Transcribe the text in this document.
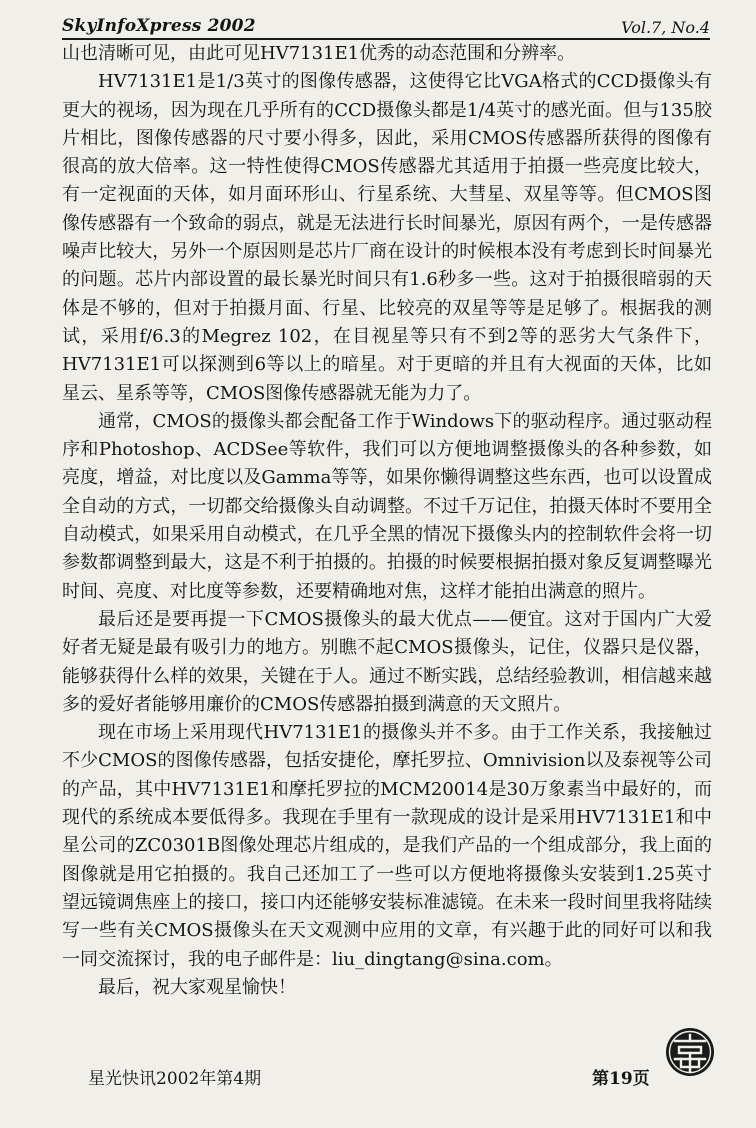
SkyInfoXpress 2002	Vol.7, No.4

山也清晰可见，由此可见HV7131E1优秀的动态范围和分辨率。

HV7131E1是1/3英寸的图像传感器，这使得它比VGA格式的CCD摄像头有更大的视场，因为现在几乎所有的CCD摄像头都是1/4英寸的感光面。但与135胶片相比，图像传感器的尺寸要小得多，因此，采用CMOS传感器所获得的图像有很高的放大倍率。这一特性使得CMOS传感器尤其适用于拍摄一些亮度比较大，有一定视面的天体，如月面环形山、行星系统、大彗星、双星等等。但CMOS图像传感器有一个致命的弱点，就是无法进行长时间暴光，原因有两个，一是传感器噪声比较大，另外一个原因则是芯片厂商在设计的时候根本没有考虑到长时间暴光的问题。芯片内部设置的最长暴光时间只有1.6秒多一些。这对于拍摄很暗弱的天体是不够的，但对于拍摄月面、行星、比较亮的双星等等是足够了。根据我的测试，采用f/6.3的Megrez 102，在目视星等只有不到2等的恶劣大气条件下，HV7131E1可以探测到6等以上的暗星。对于更暗的并且有大视面的天体，比如星云、星系等等，CMOS图像传感器就无能为力了。

通常，CMOS的摄像头都会配备工作于Windows下的驱动程序。通过驱动程序和Photoshop、ACDSee等软件，我们可以方便地调整摄像头的各种参数，如亮度，增益，对比度以及Gamma等等，如果你懒得调整这些东西，也可以设置成全自动的方式，一切都交给摄像头自动调整。不过千万记住，拍摄天体时不要用全自动模式，如果采用自动模式，在几乎全黑的情况下摄像头内的控制软件会将一切参数都调整到最大，这是不利于拍摄的。拍摄的时候要根据拍摄对象反复调整曝光时间、亮度、对比度等参数，还要精确地对焦，这样才能拍出满意的照片。

最后还是要再提一下CMOS摄像头的最大优点——便宜。这对于国内广大爱好者无疑是最有吸引力的地方。别瞧不起CMOS摄像头，记住，仪器只是仪器，能够获得什么样的效果，关键在于人。通过不断实践，总结经验教训，相信越来越多的爱好者能够用廉价的CMOS传感器拍摄到满意的天文照片。

现在市场上采用现代HV7131E1的摄像头并不多。由于工作关系，我接触过不少CMOS的图像传感器，包括安捷伦，摩托罗拉、Omnivision以及泰视等公司的产品，其中HV7131E1和摩托罗拉的MCM20014是30万象素当中最好的，而现代的系统成本要低得多。我现在手里有一款现成的设计是采用HV7131E1和中星公司的ZC0301B图像处理芯片组成的，是我们产品的一个组成部分，我上面的图像就是用它拍摄的。我自己还加工了一些可以方便地将摄像头安装到1.25英寸望远镜调焦座上的接口，接口内还能够安装标准滤镜。在未来一段时间里我将陆续写一些有关CMOS摄像头在天文观测中应用的文章，有兴趣于此的同好可以和我一同交流探讨，我的电子邮件是：liu_dingtang@sina.com。

最后，祝大家观星愉快！

星光快讯2002年第4期	第19页
